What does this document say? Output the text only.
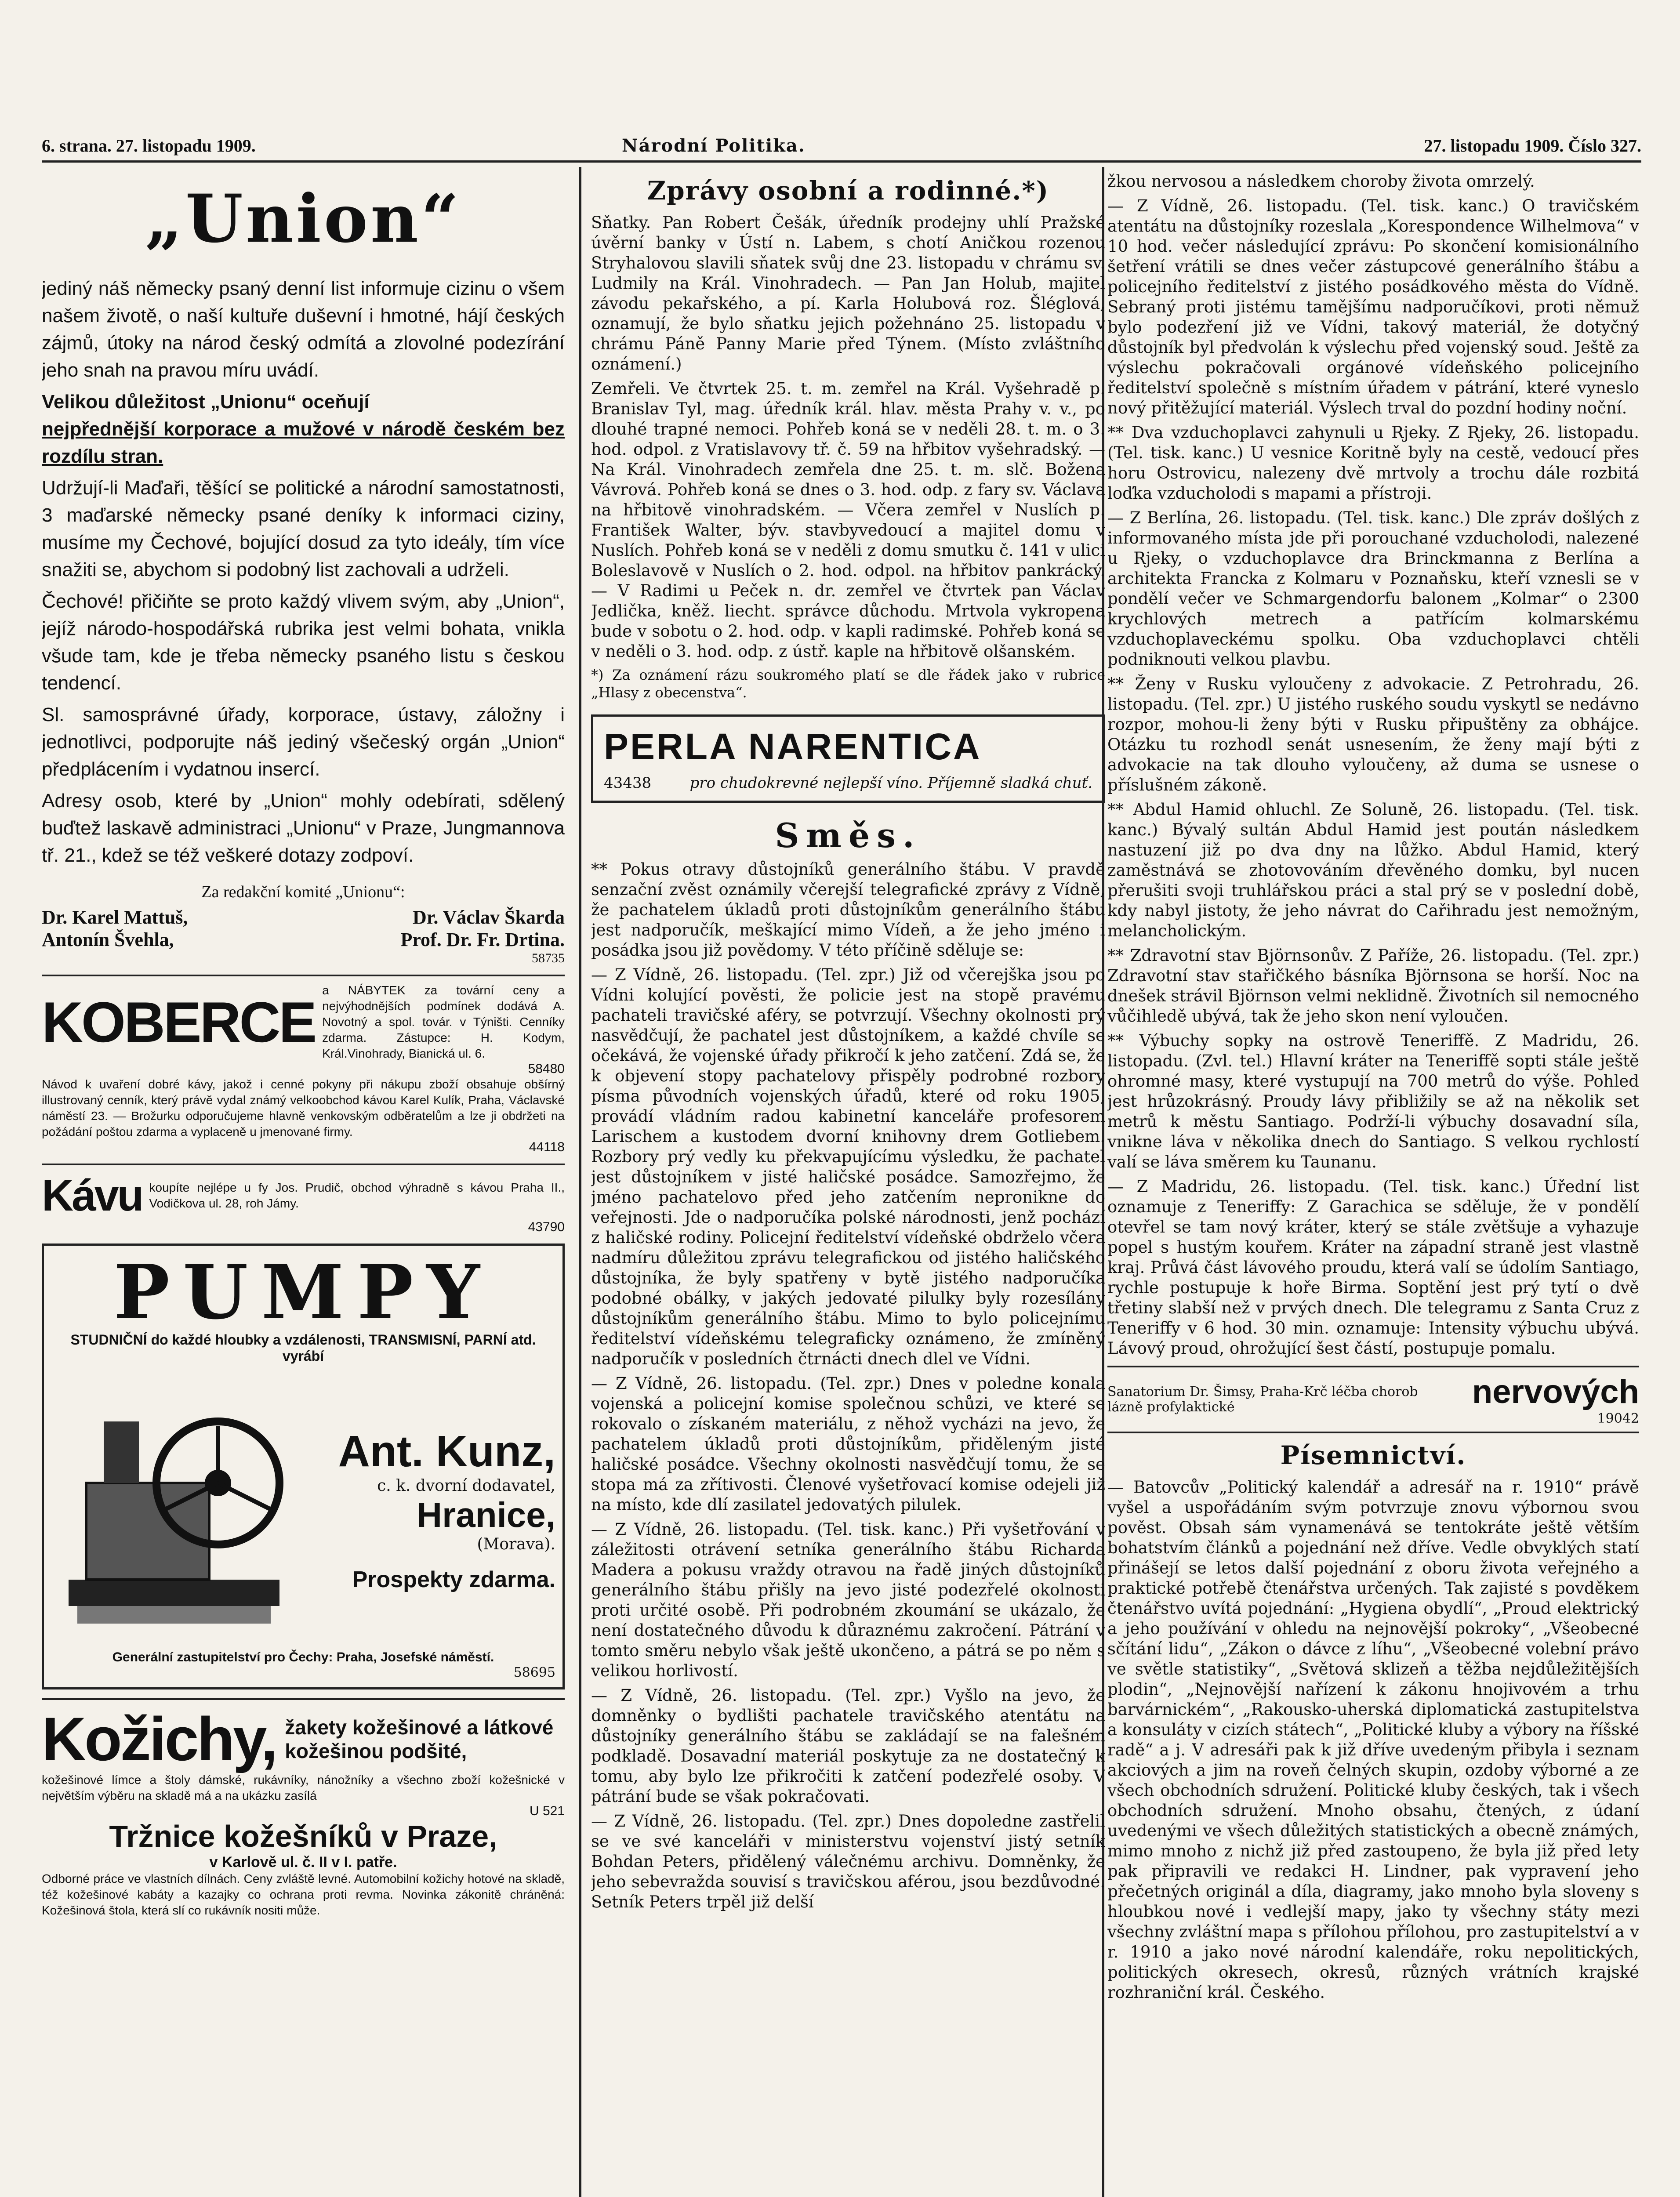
6. strana. 27. listopadu 1909.	Národní Politika.	27. listopadu 1909. Číslo 327.
„Union“

jediný náš německy psaný denní list informuje cizinu o všem našem životě, o naší kultuře duševní i hmotné, hájí českých zájmů, útoky na národ český odmítá a zlovolné podezírání jeho snah na pravou míru uvádí.

Velikou důležitost „Unionu“ oceňují

nejpřednější korporace a mužové v národě českém bez rozdílu stran.

Udržují-li Maďaři, těšící se politické a národní samostatnosti, 3 maďarské německy psané deníky k informaci ciziny, musíme my Čechové, bojující dosud za tyto ideály, tím více snažiti se, abychom si podobný list zachovali a udrželi.

Čechové! přičiňte se proto každý vlivem svým, aby „Union“, jejíž národo-hospodářská rubrika jest velmi bohata, vnikla všude tam, kde je třeba německy psaného listu s českou tendencí.

Sl. samosprávné úřady, korporace, ústavy, záložny i jednotlivci, podporujte náš jediný všečeský orgán „Union“ předplácením i vydatnou insercí.

Adresy osob, které by „Union“ mohly odebírati, sdělený buďtež laskavě administraci „Unionu“ v Praze, Jungmannova tř. 21., kdež se též veškeré dotazy zodpoví.

Za redakční komité „Unionu“:
Dr. Karel Mattuš,	Dr. Václav Škarda
Antonín Švehla,	Prof. Dr. Fr. Drtina.
58735
KOBERCE a NÁBYTEK za tovární ceny a nejvýhodnějších podmínek dodává A. Novotný a spol. továr. v Týništi. Cenníky zdarma. Zástupce: H. Kodym, Král.Vinohrady, Bianická ul. 6.
58480
Návod k uvaření dobré kávy, jakož i cenné pokyny při nákupu zboží obsahuje obšírný illustrovaný cenník, který právě vydal známý velkoobchod kávou Karel Kulík, Praha, Václavské náměstí 23. — Brožurku odporučujeme hlavně venkovským odběratelům a lze ji obdržeti na požádání poštou zdarma a vyplaceně u jmenované firmy.
44118
Kávu koupíte nejlépe u fy Jos. Prudič, obchod výhradně s kávou Praha II., Vodičkova ul. 28, roh Jámy.
43790
PUMPY
STUDNIČNÍ do každé hloubky a vzdálenosti, TRANSMISNÍ, PARNÍ atd. vyrábí
Ant. Kunz,
c. k. dvorní dodavatel,
Hranice,
(Morava).
Prospekty zdarma.
Generální zastupitelství pro Čechy: Praha, Josefské náměstí.
58695
Kožichy, žakety kožešinové a látkové kožešinou podšité,
kožešinové límce a štoly dámské, rukávníky, nánožníky a všechno zboží kožešnické v největším výběru na skladě má a na ukázku zasílá
U 521
Tržnice kožešníků v Praze,
v Karlově ul. č. II v I. patře.
Odborné práce ve vlastních dílnách. Ceny zvláště levné. Automobilní kožichy hotové na skladě, též kožešinové kabáty a kazajky co ochrana proti revma. Novinka zákonitě chráněná: Kožešinová štola, která slí co rukávník nositi může.
Zprávy osobní a rodinné.*)

Sňatky. Pan Robert Češák, úředník prodejny uhlí Pražské úvěrní banky v Ústí n. Labem, s chotí Aničkou rozenou Stryhalovou slavili sňatek svůj dne 23. listopadu v chrámu sv. Ludmily na Král. Vinohradech. — Pan Jan Holub, majitel závodu pekařského, a pí. Karla Holubová roz. Šléglová, oznamují, že bylo sňatku jejich požehnáno 25. listopadu v chrámu Páně Panny Marie před Týnem. (Místo zvláštního oznámení.)

Zemřeli. Ve čtvrtek 25. t. m. zemřel na Král. Vyšehradě p. Branislav Tyl, mag. úředník král. hlav. města Prahy v. v., po dlouhé trapné nemoci. Pohřeb koná se v neděli 28. t. m. o 3. hod. odpol. z Vratislavovy tř. č. 59 na hřbitov vyšehradský. — Na Král. Vinohradech zemřela dne 25. t. m. slč. Božena Vávrová. Pohřeb koná se dnes o 3. hod. odp. z fary sv. Václava na hřbitově vinohradském. — Včera zemřel v Nuslích p. František Walter, býv. stavbyvedoucí a majitel domu v Nuslích. Pohřeb koná se v neděli z domu smutku č. 141 v ulici Boleslavově v Nuslích o 2. hod. odpol. na hřbitov pankrácký. — V Radimi u Peček n. dr. zemřel ve čtvrtek pan Václav Jedlička, kněž. liecht. správce důchodu. Mrtvola vykropena bude v sobotu o 2. hod. odp. v kapli radimské. Pohřeb koná se v neděli o 3. hod. odp. z ústř. kaple na hřbitově olšanském.

*) Za oznámení rázu soukromého platí se dle řádek jako v rubrice „Hlasy z obecenstva“.

PERLA NARENTICA
43438	pro chudokrevné nejlepší víno. Příjemně sladká chuť.
Směs.

** Pokus otravy důstojníků generálního štábu. V pravdě senzační zvěst oznámily včerejší telegrafické zprávy z Vídně, že pachatelem úkladů proti důstojníkům generálního štábu jest nadporučík, meškající mimo Vídeň, a že jeho jméno i posádka jsou již povědomy. V této příčině sděluje se:

— Z Vídně, 26. listopadu. (Tel. zpr.) Již od včerejška jsou po Vídni kolující pověsti, že policie jest na stopě pravému pachateli travičské aféry, se potvrzují. Všechny okolnosti prý nasvědčují, že pachatel jest důstojníkem, a každé chvíle se očekává, že vojenské úřady přikročí k jeho zatčení. Zdá se, že k objevení stopy pachatelovy přispěly podrobné rozbory písma původních vojenských úřadů, které od roku 1905, provádí vládním radou kabinetní kanceláře profesorem Larischem a kustodem dvorní knihovny drem Gotliebem. Rozbory prý vedly ku překvapujícímu výsledku, že pachatel jest důstojníkem v jisté haličské posádce. Samozřejmo, že jméno pachatelovo před jeho zatčením nepronikne do veřejnosti. Jde o nadporučíka polské národnosti, jenž pochází z haličské rodiny. Policejní ředitelství vídeňské obdrželo včera nadmíru důležitou zprávu telegrafickou od jistého haličského důstojníka, že byly spatřeny v bytě jistého nadporučíka podobné obálky, v jakých jedovaté pilulky byly rozesílány důstojníkům generálního štábu. Mimo to bylo policejnímu ředitelství vídeňskému telegraficky oznámeno, že zmíněný nadporučík v posledních čtrnácti dnech dlel ve Vídni.

— Z Vídně, 26. listopadu. (Tel. zpr.) Dnes v poledne konala vojenská a policejní komise společnou schůzi, ve které se rokovalo o získaném materiálu, z něhož vycházi na jevo, že pachatelem úkladů proti důstojníkům, přiděleným jisté haličské posádce. Všechny okolnosti nasvědčují tomu, že se stopa má za zřítivosti. Členové vyšetřovací komise odejeli již na místo, kde dlí zasilatel jedovatých pilulek.

— Z Vídně, 26. listopadu. (Tel. tisk. kanc.) Při vyšetřování v záležitosti otrávení setníka generálního štábu Richarda Madera a pokusu vraždy otravou na řadě jiných důstojníků generálního štábu přišly na jevo jisté podezřelé okolnosti proti určité osobě. Při podrobném zkoumání se ukázalo, že není dostatečného důvodu k důraznému zakročení. Pátrání v tomto směru nebylo však ještě ukončeno, a pátrá se po něm s velikou horlivostí.

— Z Vídně, 26. listopadu. (Tel. zpr.) Vyšlo na jevo, že domněnky o bydlišti pachatele travičského atentátu na důstojníky generálního štábu se zakládají se na falešném podkladě. Dosavadní materiál poskytuje za ne dostatečný k tomu, aby bylo lze přikročiti k zatčení podezřelé osoby. V pátrání bude se však pokračovati.

— Z Vídně, 26. listopadu. (Tel. zpr.) Dnes dopoledne zastřelil se ve své kanceláři v ministerstvu vojenství jistý setník Bohdan Peters, přidělený válečnému archivu. Domněnky, že jeho sebevražda souvisí s travičskou aférou, jsou bezdůvodné. Setník Peters trpěl již delší

žkou nervosou a následkem choroby života omrzelý.

— Z Vídně, 26. listopadu. (Tel. tisk. kanc.) O travičském atentátu na důstojníky rozeslala „Korespondence Wilhelmova“ v 10 hod. večer následující zprávu: Po skončení komisionálního šetření vrátili se dnes večer zástupcové generálního štábu a policejního ředitelství z jistého posádkového města do Vídně. Sebraný proti jistému tamějšímu nadporučíkovi, proti němuž bylo podezření již ve Vídni, takový materiál, že dotyčný důstojník byl předvolán k výslechu před vojenský soud. Ještě za výslechu pokračovali orgánové vídeňského policejního ředitelství společně s místním úřadem v pátrání, které vyneslo nový přitěžující materiál. Výslech trval do pozdní hodiny noční.

** Dva vzduchoplavci zahynuli u Rjeky. Z Rjeky, 26. listopadu. (Tel. tisk. kanc.) U vesnice Koritně byly na cestě, vedoucí přes horu Ostrovicu, nalezeny dvě mrtvoly a trochu dále rozbitá loďka vzducholodi s mapami a přístroji.

— Z Berlína, 26. listopadu. (Tel. tisk. kanc.) Dle zpráv došlých z informovaného místa jde při porouchané vzducholodi, nalezené u Rjeky, o vzduchoplavce dra Brinckmanna z Berlína a architekta Francka z Kolmaru v Poznaňsku, kteří vznesli se v pondělí večer ve Schmargendorfu balonem „Kolmar“ o 2300 krychlových metrech a patřícím kolmarskému vzduchoplaveckému spolku. Oba vzduchoplavci chtěli podniknouti velkou plavbu.

** Ženy v Rusku vyloučeny z advokacie. Z Petrohradu, 26. listopadu. (Tel. zpr.) U jistého ruského soudu vyskytl se nedávno rozpor, mohou-li ženy býti v Rusku připuštěny za obhájce. Otázku tu rozhodl senát usnesením, že ženy mají býti z advokacie na tak dlouho vyloučeny, až duma se usnese o příslušném zákoně.

** Abdul Hamid ohluchl. Ze Soluně, 26. listopadu. (Tel. tisk. kanc.) Bývalý sultán Abdul Hamid jest poután následkem nastuzení již po dva dny na lůžko. Abdul Hamid, který zaměstnává se zhotovováním dřevěného domku, byl nucen přerušiti svoji truhlářskou práci a stal prý se v poslední době, kdy nabyl jistoty, že jeho návrat do Cařihradu jest nemožným, melancholickým.

** Zdravotní stav Björnsonův. Z Paříže, 26. listopadu. (Tel. zpr.) Zdravotní stav stařičkého básníka Björnsona se horší. Noc na dnešek strávil Björnson velmi neklidně. Životních sil nemocného vůčihledě ubývá, tak že jeho skon není vyloučen.

** Výbuchy sopky na ostrově Teneriffě. Z Madridu, 26. listopadu. (Zvl. tel.) Hlavní kráter na Teneriffě sopti stále ještě ohromné masy, které vystupují na 700 metrů do výše. Pohled jest hrůzokrásný. Proudy lávy přibližily se až na několik set metrů k městu Santiago. Podrží-li výbuchy dosavadní síla, vnikne láva v několika dnech do Santiago. S velkou rychlostí valí se láva směrem ku Taunanu.

— Z Madridu, 26. listopadu. (Tel. tisk. kanc.) Úřední list oznamuje z Teneriffy: Z Garachica se sděluje, že v pondělí otevřel se tam nový kráter, který se stále zvětšuje a vyhazuje popel s hustým kouřem. Kráter na západní straně jest vlastně kraj. Průvá část lávového proudu, která valí se údolím Santiago, rychle postupuje k hoře Birma. Soptění jest prý tytí o dvě třetiny slabší než v prvých dnech. Dle telegramu z Santa Cruz z Teneriffy v 6 hod. 30 min. oznamuje: Intensity výbuchu ubývá. Lávový proud, ohrožující šest částí, postupuje pomalu.

Sanatorium Dr. Šimsy, Praha-Krč léčba chorob
lázně profylaktické	nervových
19042
Písemnictví.

— Batovcův „Politický kalendář a adresář na r. 1910“ právě vyšel a uspořádáním svým potvrzuje znovu výbornou svou pověst. Obsah sám vynamenává se tentokráte ještě větším bohatstvím článků a pojednání než dříve. Vedle obvyklých statí přinášejí se letos další pojednání z oboru života veřejného a praktické potřebě čtenářstva určených. Tak zajisté s povděkem čtenářstvo uvítá pojednání: „Hygiena obydlí“, „Proud elektrický a jeho používání v ohledu na nejnovější pokroky“, „Všeobecné sčítání lidu“, „Zákon o dávce z líhu“, „Všeobecné volební právo ve světle statistiky“, „Světová sklizeň a těžba nejdůležitějších plodin“, „Nejnovější nařízení k zákonu hnojivovém a trhu barvárnickém“, „Rakousko-uherská diplomatická zastupitelstva a konsuláty v cizích státech“, „Politické kluby a výbory na říšské radě“ a j. V adresáři pak k již dříve uvedeným přibyla i seznam akciových a jim na roveň čelných skupin, ozdoby výborné a ze všech obchodních sdružení. Politické kluby českých, tak i všech obchodních sdružení. Mnoho obsahu, čtených, z údaní uvedenými ve všech důležitých statistických a obecně známých, mimo mnoho z nichž již před zastoupeno, že byla již před lety pak připravili ve redakci H. Lindner, pak vypravení jeho přečetných originál a díla, diagramy, jako mnoho byla sloveny s hloubkou nové i vedlejší mapy, jako ty všechny státy mezi všechny zvláštní mapa s přílohou přílohou, pro zastupitelství a v r. 1910 a jako nové národní kalendáře, roku nepolitických, politických okresech, okresů, různých vrátních krajské rozhraniční král. Českého.
